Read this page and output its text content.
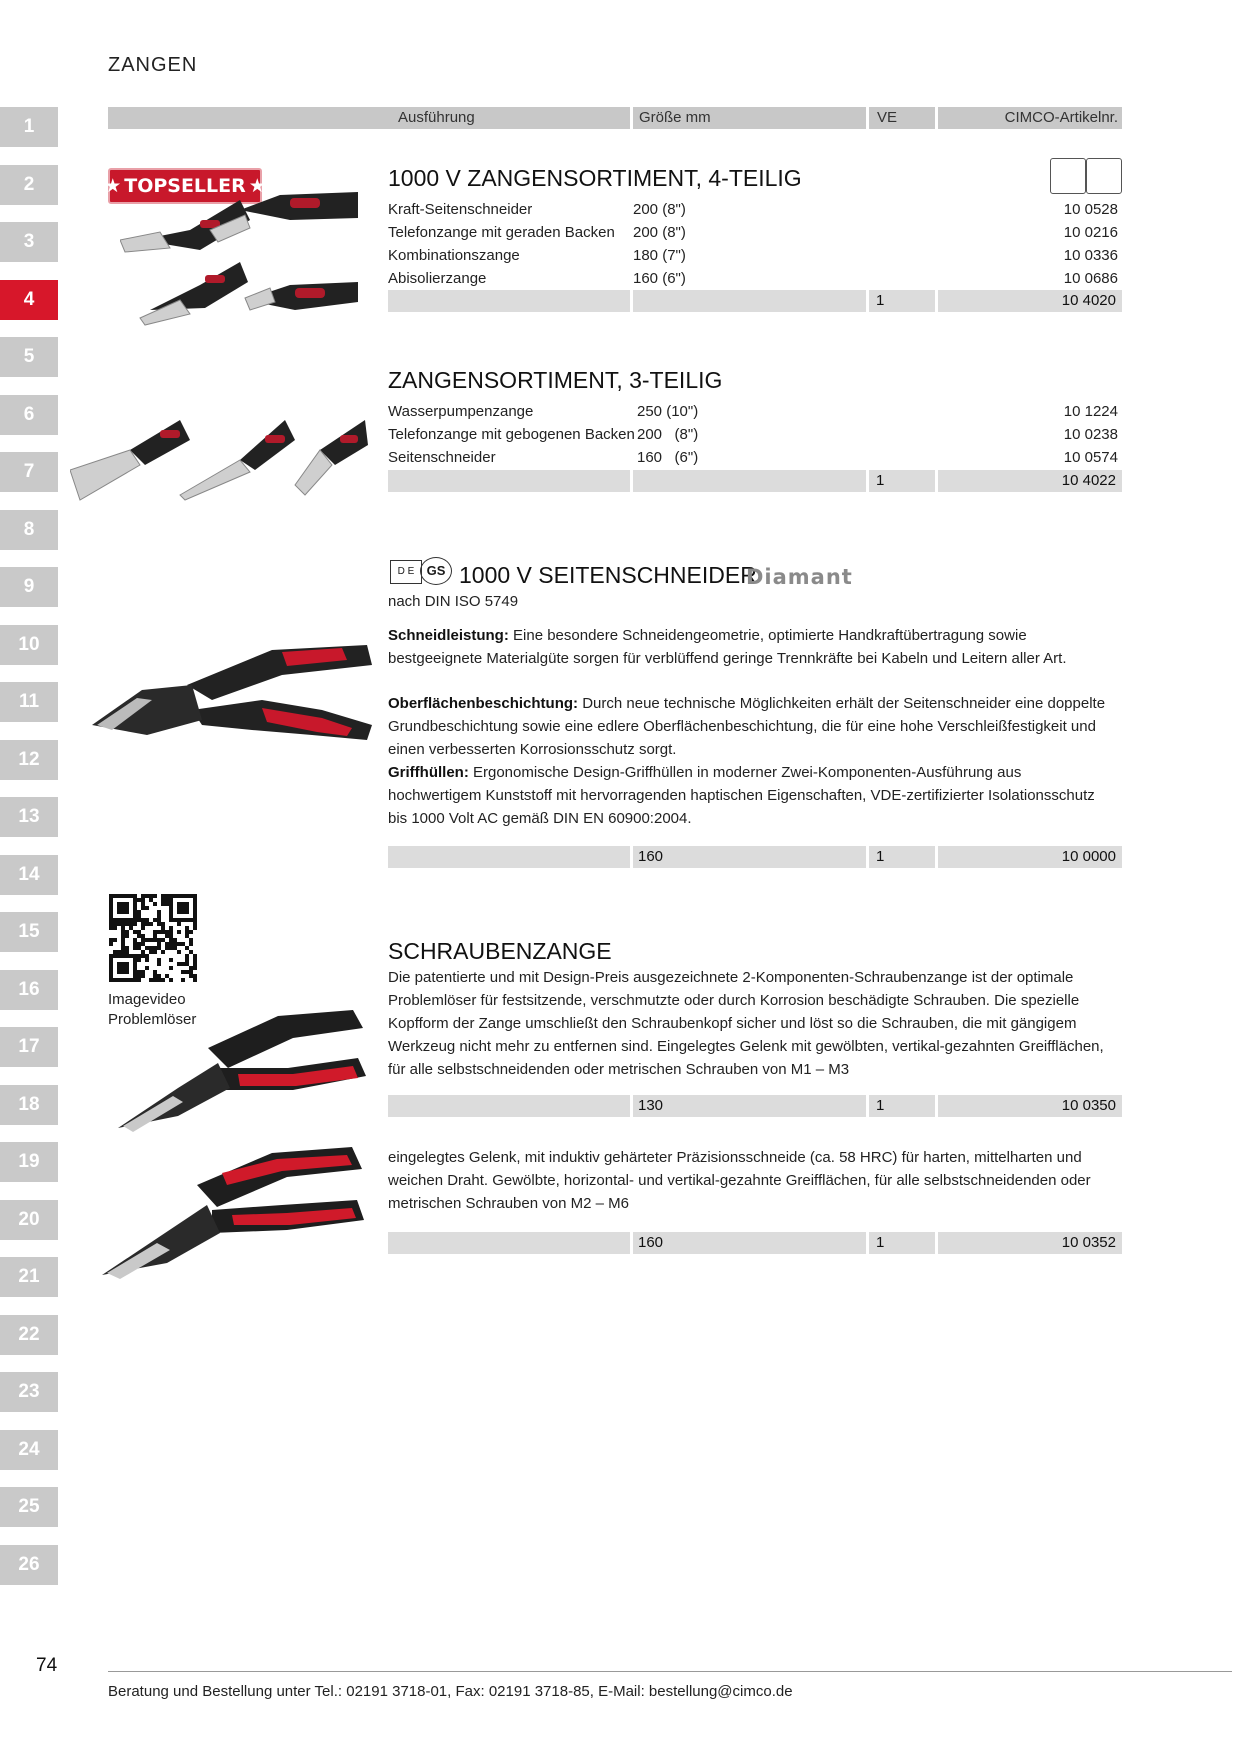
ZANGEN
1
2
3
4
5
6
7
8
9
10
11
12
13
14
15
16
17
18
19
20
21
22
23
24
25
26
Ausführung	Größe mm	VE	CIMCO-Artikelnr.
★ TOPSELLER ★	1000 V ZANGENSORTIMENT, 4-TEILIG
Kraft-Seitenschneider	200 (8")	10 0528
Telefonzange mit geraden Backen 200 (8")	10 0216
Kombinationszange	180 (7")	10 0336
Abisolierzange	160 (6")	10 0686
1	10 4020
ZANGENSORTIMENT, 3-TEILIG
Wasserpumpenzange	250 (10")	10 1224
Telefonzange mit gebogenen Backen 200   (8")	10 0238
Seitenschneider	160   (6")	10 0574
1	10 4022
D E GS 1000 V SEITENSCHNEIDER
Diamant
nach DIN ISO 5749
Schneidleistung: Eine besondere Schneidengeometrie, optimierte Handkraftübertragung sowie bestgeeignete Materialgüte sorgen für verblüffend geringe Trennkräfte bei Kabeln und Leitern aller Art.
Oberflächenbeschichtung: Durch neue technische Möglichkeiten erhält der Seitenschneider eine doppelte Grundbeschichtung sowie eine edlere Oberflächenbeschichtung, die für eine hohe Verschleißfestigkeit und einen verbesserten Korrosionsschutz sorgt.
Griffhüllen: Ergonomische Design-Griffhüllen in moderner Zwei-Komponenten-Ausführung aus hochwertigem Kunststoff mit hervorragenden haptischen Eigenschaften, VDE-zertifizierter Isolationsschutz bis 1000 Volt AC gemäß DIN EN 60900:2004.
160	1	10 0000
Imagevideo
Problemlöser
SCHRAUBENZANGE
Die patentierte und mit Design-Preis ausgezeichnete 2-Komponenten-Schraubenzange ist der optimale Problemlöser für festsitzende, verschmutzte oder durch Korrosion beschädigte Schrauben. Die spezielle Kopfform der Zange umschließt den Schraubenkopf sicher und löst so die Schrauben, die mit gängigem Werkzeug nicht mehr zu entfernen sind. Eingelegtes Gelenk mit gewölbten, vertikal-gezahnten Greifflächen, für alle selbstschneidenden oder metrischen Schrauben von M1 – M3
130	1	10 0350
eingelegtes Gelenk, mit induktiv gehärteter Präzisionsschneide (ca. 58 HRC) für harten, mittelharten und weichen Draht. Gewölbte, horizontal- und vertikal-gezahnte Greifflächen, für alle selbstschneidenden oder metrischen Schrauben von M2 – M6
160	1	10 0352
74
Beratung und Bestellung unter Tel.: 02191 3718-01, Fax: 02191 3718-85, E-Mail: bestellung@cimco.de
